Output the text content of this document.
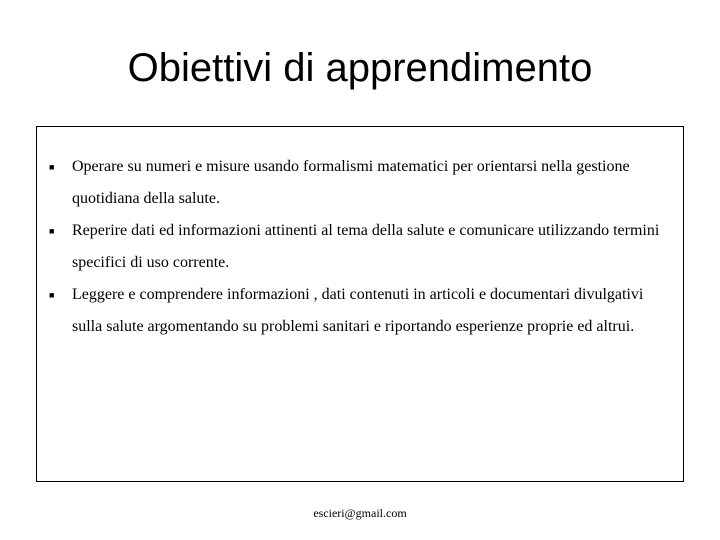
Obiettivi di apprendimento
■ Operare su numeri e misure usando formalismi matematici per orientarsi nella gestione quotidiana della salute.
■ Reperire dati ed informazioni attinenti al tema della salute e comunicare utilizzando termini specifici di uso corrente.
■ Leggere e comprendere informazioni , dati contenuti in articoli e documentari divulgativi sulla salute argomentando su problemi sanitari e riportando esperienze proprie ed altrui.
escieri@gmail.com
